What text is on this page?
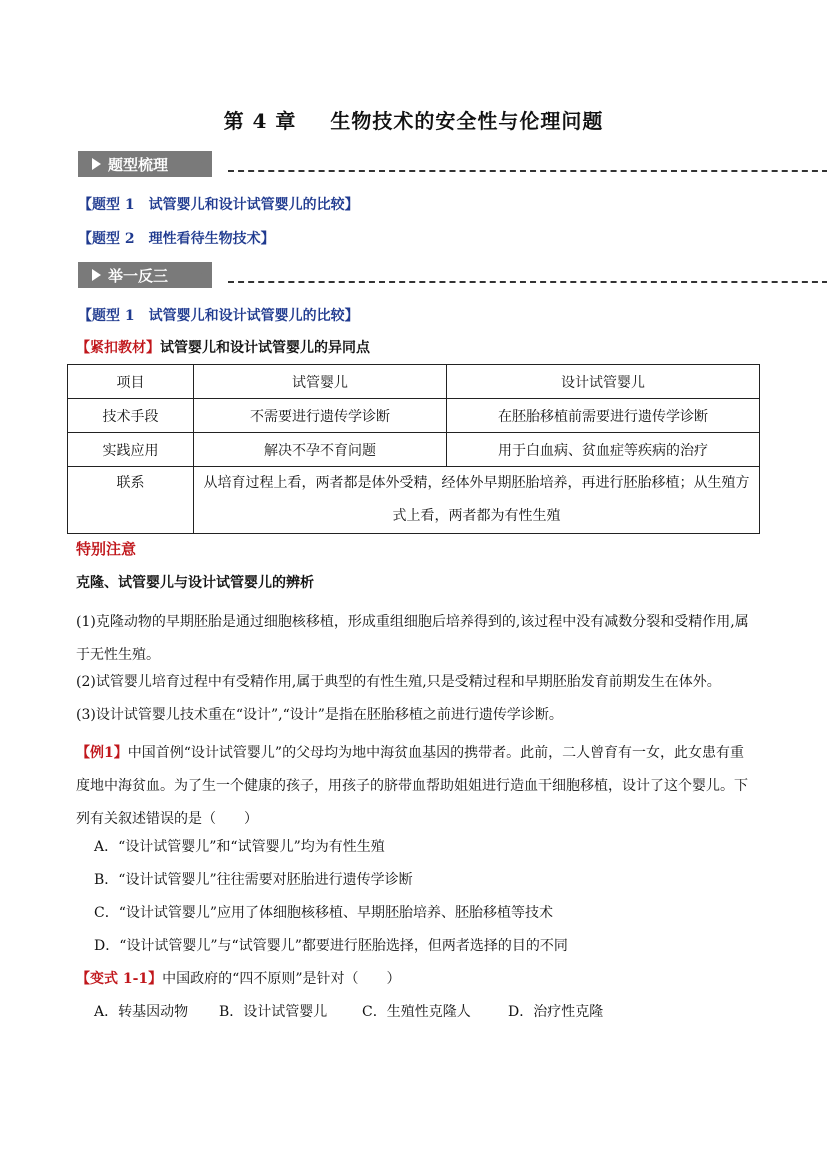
第 4 章 生物技术的安全性与伦理问题
题型梳理
【题型 1　试管婴儿和设计试管婴儿的比较】
【题型 2　理性看待生物技术】
举一反三
【题型 1　试管婴儿和设计试管婴儿的比较】
【紧扣教材】试管婴儿和设计试管婴儿的异同点
项目	试管婴儿	设计试管婴儿
技术手段	不需要进行遗传学诊断	在胚胎移植前需要进行遗传学诊断
实践应用	解决不孕不育问题	用于白血病、贫血症等疾病的治疗
联系	从培育过程上看，两者都是体外受精，经体外早期胚胎培养，再进行胚胎移植；从生殖方式上看，两者都为有性生殖	
特别注意
克隆、试管婴儿与设计试管婴儿的辨析
(1)克隆动物的早期胚胎是通过细胞核移植，形成重组细胞后培养得到的,该过程中没有减数分裂和受精作用,属于无性生殖。
(2)试管婴儿培育过程中有受精作用,属于典型的有性生殖,只是受精过程和早期胚胎发育前期发生在体外。
(3)设计试管婴儿技术重在“设计”,“设计”是指在胚胎移植之前进行遗传学诊断。
【例1】中国首例“设计试管婴儿”的父母均为地中海贫血基因的携带者。此前，二人曾育有一女，此女患有重度地中海贫血。为了生一个健康的孩子，用孩子的脐带血帮助姐姐进行造血干细胞移植，设计了这个婴儿。下列有关叙述错误的是（　　）
A．“设计试管婴儿”和“试管婴儿”均为有性生殖
B．“设计试管婴儿”往往需要对胚胎进行遗传学诊断
C．“设计试管婴儿”应用了体细胞核移植、早期胚胎培养、胚胎移植等技术
D．“设计试管婴儿”与“试管婴儿”都要进行胚胎选择，但两者选择的目的不同
【变式 1-1】中国政府的“四不原则”是针对（　　）
A．转基因动物 B．设计试管婴儿 C．生殖性克隆人	D．治疗性克隆
